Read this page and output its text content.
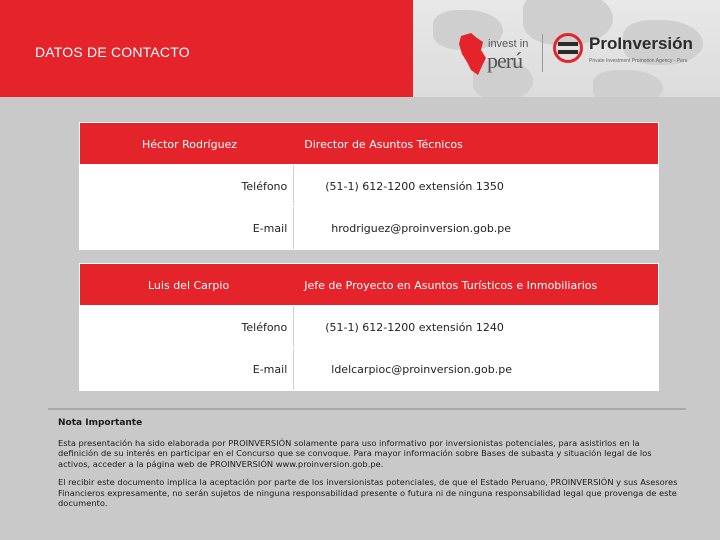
DATOS DE CONTACTO	invest in
perú
ProInversión
Private Investment Promotion Agency - Peru
Héctor Rodríguez	Director de Asuntos Técnicos
Teléfono	(51-1) 612-1200 extensión 1350
E-mail	hrodriguez@proinversion.gob.pe
Luis del Carpio	Jefe de Proyecto en Asuntos Turísticos e Inmobiliarios
Teléfono	(51-1) 612-1200 extensión 1240
E-mail	ldelcarpioc@proinversion.gob.pe
Nota Importante

Esta presentación ha sido elaborada por PROINVERSIÓN solamente para uso informativo por inversionistas potenciales, para asistirlos en la definición de su interés en participar en el Concurso que se convoque. Para mayor información sobre Bases de subasta y situación legal de los activos, acceder a la página web de PROINVERSIÓN www.proinversion.gob.pe.

El recibir este documento implica la aceptación por parte de los inversionistas potenciales, de que el Estado Peruano, PROINVERSIÓN y sus Asesores Financieros expresamente, no serán sujetos de ninguna responsabilidad presente o futura ni de ninguna responsabilidad legal que provenga de este documento.
